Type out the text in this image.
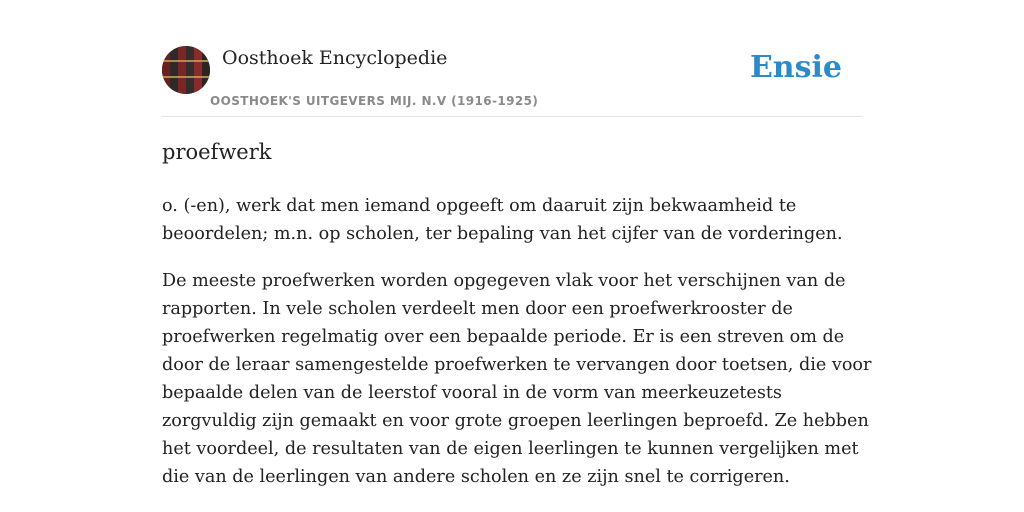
Oosthoek Encyclopedie
OOSTHOEK'S UITGEVERS MIJ. N.V (1916-1925)
Ensie
proefwerk
o. (-en), werk dat men iemand opgeeft om daaruit zijn bekwaamheid te beoordelen; m.n. op scholen, ter bepaling van het cijfer van de vorderingen.
De meeste proefwerken worden opgegeven vlak voor het verschijnen van de rapporten. In vele scholen verdeelt men door een proefwerkrooster de proefwerken regelmatig over een bepaalde periode. Er is een streven om de door de leraar samengestelde proefwerken te vervangen door toetsen, die voor bepaalde delen van de leerstof vooral in de vorm van meerkeuzetests zorgvuldig zijn gemaakt en voor grote groepen leerlingen beproefd. Ze hebben het voordeel, de resultaten van de eigen leerlingen te kunnen vergelijken met die van de leerlingen van andere scholen en ze zijn snel te corrigeren.
